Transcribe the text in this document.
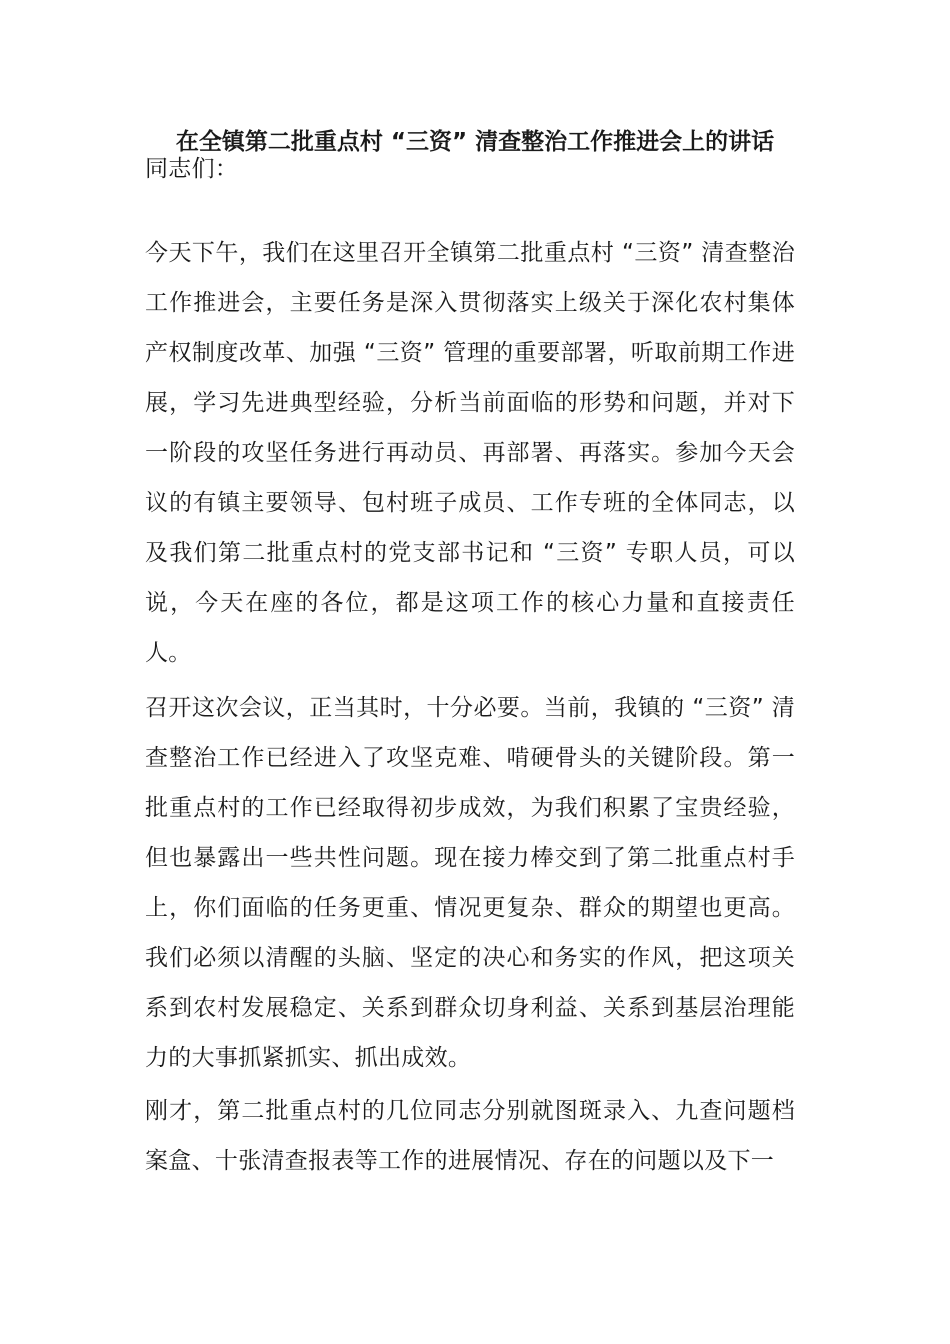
在全镇第二批重点村 “三资” 清查整治工作推进会上的讲话

同志们：

今天下午，我们在这里召开全镇第二批重点村 “三资” 清查整治工作推进会，主要任务是深入贯彻落实上级关于深化农村集体产权制度改革、加强 “三资” 管理的重要部署，听取前期工作进展，学习先进典型经验，分析当前面临的形势和问题，并对下一阶段的攻坚任务进行再动员、再部署、再落实。参加今天会议的有镇主要领导、包村班子成员、工作专班的全体同志，以及我们第二批重点村的党支部书记和 “三资” 专职人员，可以说，今天在座的各位，都是这项工作的核心力量和直接责任人。

召开这次会议，正当其时，十分必要。当前，我镇的 “三资” 清查整治工作已经进入了攻坚克难、啃硬骨头的关键阶段。第一批重点村的工作已经取得初步成效，为我们积累了宝贵经验，但也暴露出一些共性问题。现在接力棒交到了第二批重点村手上，你们面临的任务更重、情况更复杂、群众的期望也更高。我们必须以清醒的头脑、坚定的决心和务实的作风，把这项关系到农村发展稳定、关系到群众切身利益、关系到基层治理能力的大事抓紧抓实、抓出成效。

刚才，第二批重点村的几位同志分别就图斑录入、九查问题档案盒、十张清查报表等工作的进展情况、存在的问题以及下一
